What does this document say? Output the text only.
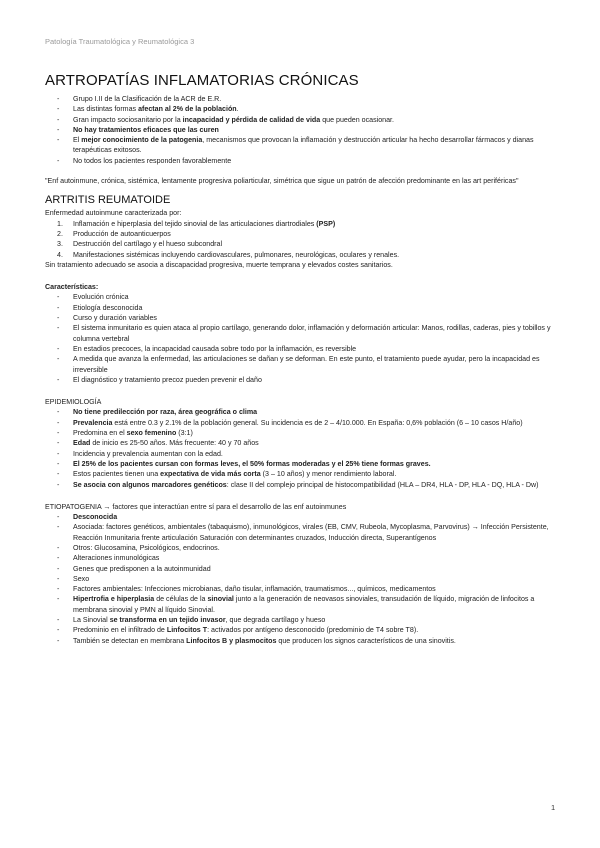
Patología Traumatológica y Reumatológica 3
ARTROPATÍAS INFLAMATORIAS CRÓNICAS
- Grupo I.II de la Clasificación de la ACR de E.R.
- Las distintas formas afectan al 2% de la población.
- Gran impacto sociosanitario por la incapacidad y pérdida de calidad de vida que pueden ocasionar.
- No hay tratamientos eficaces que las curen
- El mejor conocimiento de la patogenia, mecanismos que provocan la inflamación y destrucción articular ha hecho desarrollar fármacos y dianas terapéuticas exitosos.
- No todos los pacientes responden favorablemente

"Enf autoinmune, crónica, sistémica, lentamente progresiva poliarticular, simétrica que sigue un patrón de afección predominante en las art periféricas"

ARTRITIS REUMATOIDE

Enfermedad autoinmune caracterizada por:

1. Inflamación e hiperplasia del tejido sinovial de las articulaciones diartrodiales (PSP)
2. Producción de autoanticuerpos
3. Destrucción del cartílago y el hueso subcondral
4. Manifestaciones sistémicas incluyendo cardiovasculares, pulmonares, neurológicas, oculares y renales.

Sin tratamiento adecuado se asocia a discapacidad progresiva, muerte temprana y elevados costes sanitarios.

Características:

- Evolución crónica
- Etiología desconocida
- Curso y duración variables
- El sistema inmunitario es quien ataca al propio cartílago, generando dolor, inflamación y deformación articular: Manos, rodillas, caderas, pies y tobillos y columna vertebral
- En estadios precoces, la incapacidad causada sobre todo por la inflamación, es reversible
- A medida que avanza la enfermedad, las articulaciones se dañan y se deforman. En este punto, el tratamiento puede ayudar, pero la incapacidad es irreversible
- El diagnóstico y tratamiento precoz pueden prevenir el daño

EPIDEMIOLOGÍA

- No tiene predilección por raza, área geográfica o clima
- Prevalencia está entre 0.3 y 2.1% de la población general. Su incidencia es de 2 – 4/10.000. En España: 0,6% población (6 – 10 casos H/año)
- Predomina en el sexo femenino (3:1)
- Edad de inicio es 25-50 años. Más frecuente: 40 y 70 años
- Incidencia y prevalencia aumentan con la edad.
- El 25% de los pacientes cursan con formas leves, el 50% formas moderadas y el 25% tiene formas graves.
- Estos pacientes tienen una expectativa de vida más corta (3 – 10 años) y menor rendimiento laboral.
- Se asocia con algunos marcadores genéticos: clase II del complejo principal de histocompatibilidad (HLA – DR4, HLA - DP, HLA - DQ, HLA - Dw)

ETIOPATOGENIA → factores que interactúan entre sí para el desarrollo de las enf autoinmunes

- Desconocida
- Asociada: factores genéticos, ambientales (tabaquismo), inmunológicos, virales (EB, CMV, Rubeola, Mycoplasma, Parvovirus) → Infección Persistente, Reacción Inmunitaria frente articulación Saturación con determinantes cruzados, Inducción directa, Superantígenos
- Otros: Glucosamina, Psicológicos, endocrinos.
- Alteraciones inmunológicas
- Genes que predisponen a la autoinmunidad
- Sexo
- Factores ambientales: Infecciones microbianas, daño tisular, inflamación, traumatismos..., químicos, medicamentos
- Hipertrofia e hiperplasia de células de la sinovial junto a la generación de neovasos sinoviales, transudación de líquido, migración de linfocitos a membrana sinovial y PMN al líquido Sinovial.
- La Sinovial se transforma en un tejido invasor, que degrada cartílago y hueso
- Predominio en el infiltrado de Linfocitos T: activados por antígeno desconocido (predominio de T4 sobre T8).
- También se detectan en membrana Linfocitos B y plasmocitos que producen los signos característicos de una sinovitis.
1
